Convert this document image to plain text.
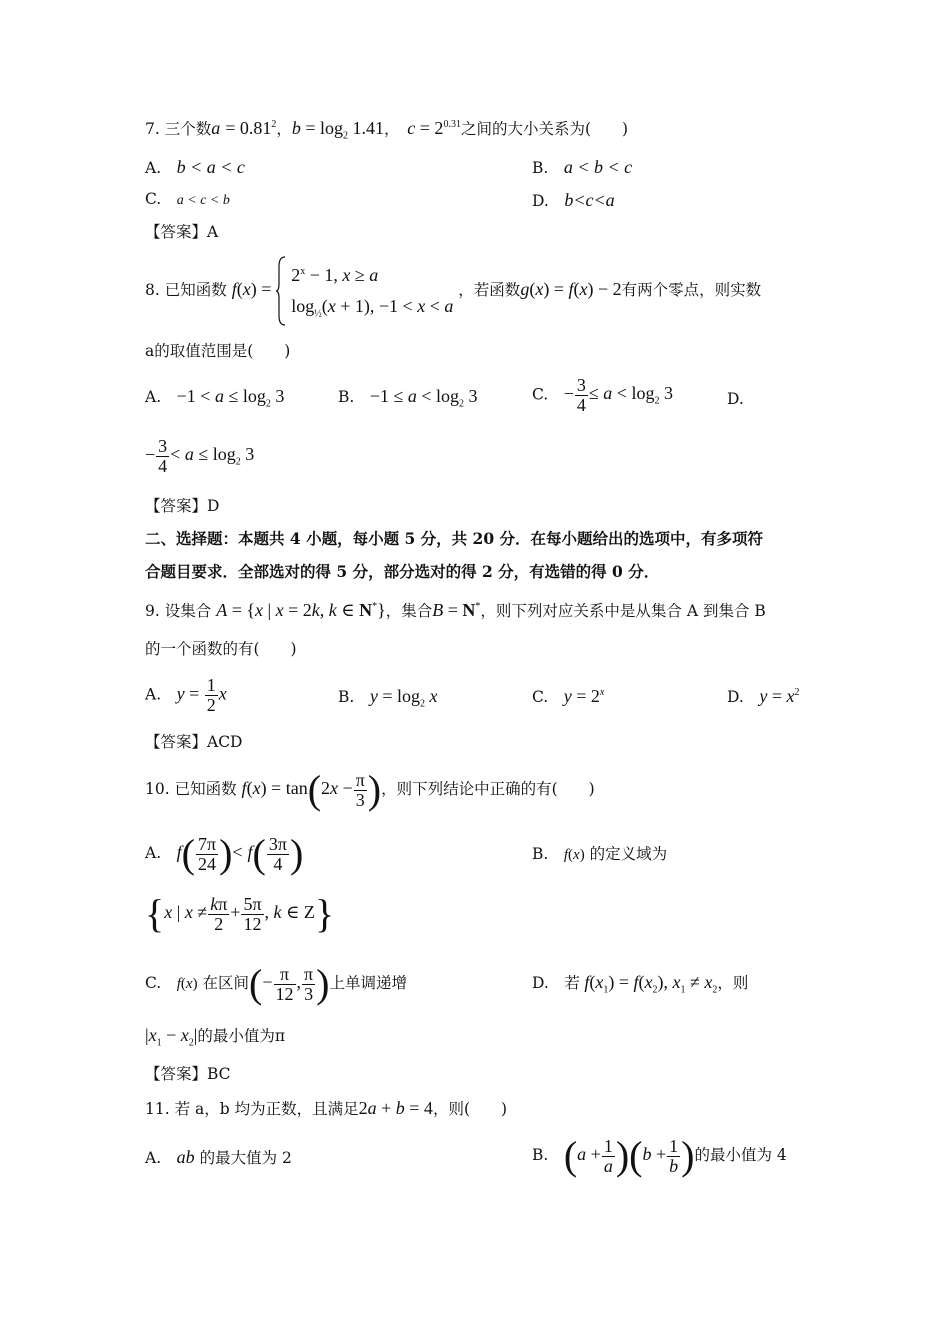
7. 三个数$a = 0.81^2$，$b = \log_2 1.41$，　$c = 2^{0.31}$之间的大小关系为(　　)
A.　 b < a < c	B.　 a < b < c
C.　 a < c < b	D.　 b<c<a
【答案】A
8. 已知函数 $f(x) = 2^x - 1$, x ≥ a
$\log_{\frac{1}{2}}(x + 1)$, −1 < x < a ，若函数g(x) = f(x) − 2有两个零点，则实数
a的取值范围是(　　)
A.　 $-1 < a \le \log_2 3$	B.　 $-1 \le a < \log_2 3$	C.　 − $\frac{3}{4} \le a < \log_2 3$	D.
− $\frac{3}{4} < a \le \log_2 3$
【答案】D
二、选择题：本题共 4 小题，每小题 5 分，共 20 分．在每小题给出的选项中，有多项符
合题目要求．全部选对的得 5 分，部分选对的得 2 分，有选错的得 0 分．
9. 设集合 A = {x | x = 2k, k ∈ N*}，集合B = N*，则下列对应关系中是从集合 A 到集合 B
的一个函数的有(　　)
A.　 $y = \frac{1}{2}$ x	B.　 $y = \log_2 x$	C.　 $y = 2^x$	D.　 $y = x^2$
【答案】ACD
10. 已知函数 $f(x) = \tan(2x - \frac{\pi}{3}$ )，则下列结论中正确的有(　　)
A.　 $f( \frac{7\pi}{24}$ )< $f( \frac{3\pi}{4}$ )	B.　 f(x) 的定义域为
{x | $x \ne \frac{k\pi}{2} + \frac{5\pi}{12}$ , k ∈ Z}
C.　 f(x) 在区间(− $\frac{\pi}{12}$ , $\frac{\pi}{3}$ )上单调递增	D.　 若 $f(x_1) = f(x_2)$, $x_1 \ne x_2$，则
$|x_1 - x_2|$的最小值为π
【答案】BC
11. 若 a，b 均为正数，且满足2a + b = 4，则(　　)
A.　 ab 的最大值为 2	B.　 $(a + \frac{1}{a} )(b + \frac{1}{b}$ )的最小值为 4
